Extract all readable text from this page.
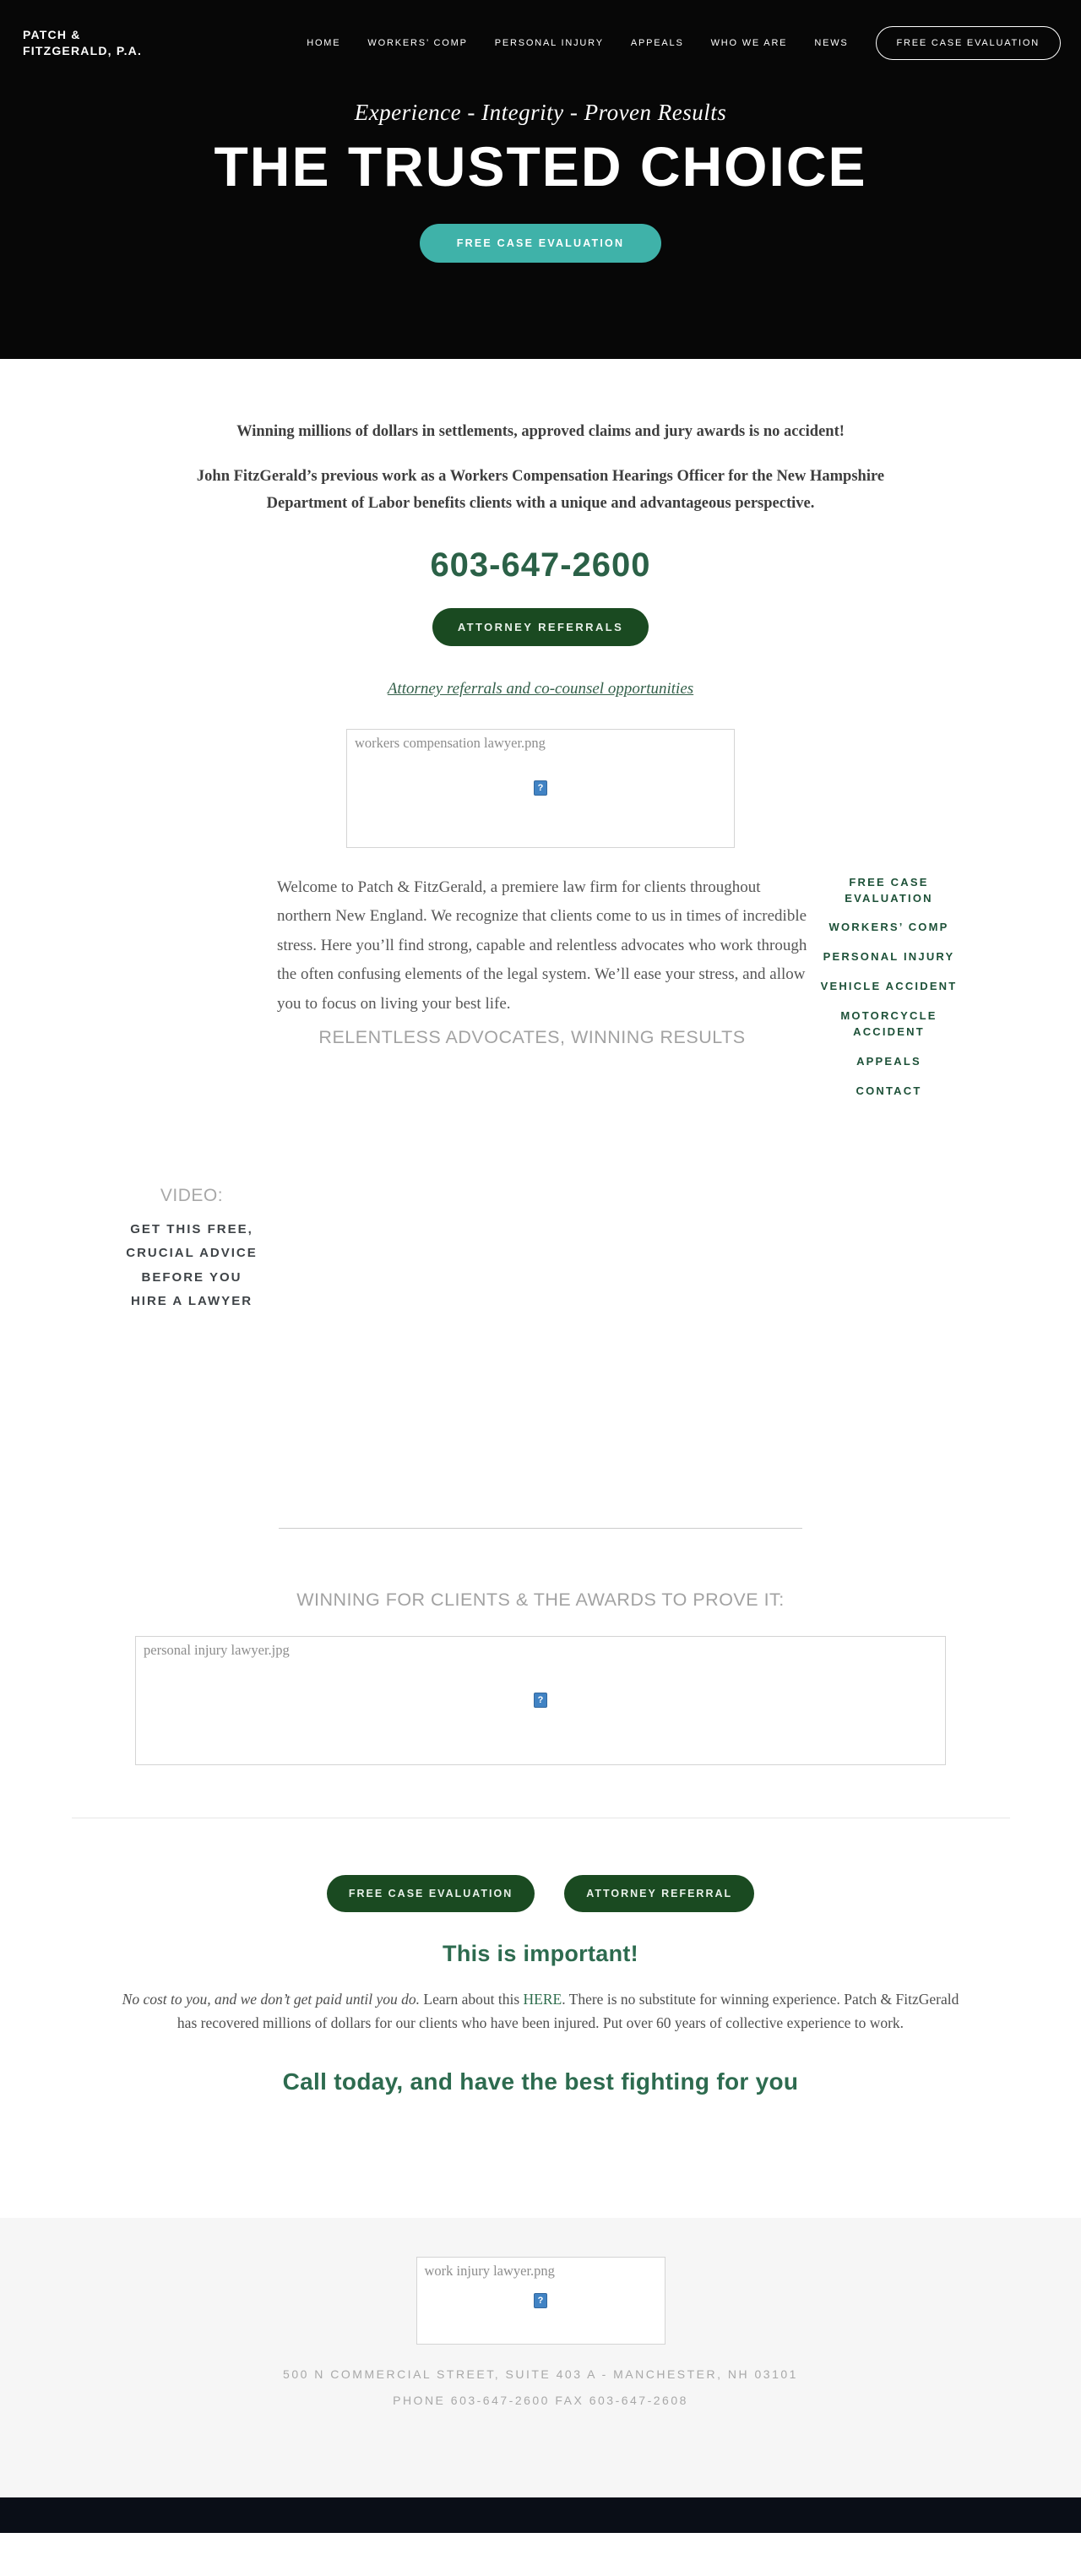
PATCH &
FITZGERALD, P.A.
HOME	WORKERS’ COMP	PERSONAL INJURY	APPEALS	WHO WE ARE	NEWS	FREE CASE EVALUATION
Experience - Integrity - Proven Results
THE TRUSTED CHOICE
FREE CASE EVALUATION

Winning millions of dollars in settlements, approved claims and jury awards is no accident!

John FitzGerald’s previous work as a Workers Compensation Hearings Officer for the New Hampshire Department of Labor benefits clients with a unique and advantageous perspective.

603-647-2600
ATTORNEY REFERRALS
Attorney referrals and co-counsel opportunities
workers compensation lawyer.png
?

Welcome to Patch & FitzGerald, a premiere law firm for clients throughout northern New England. We recognize that clients come to us in times of incredible stress. Here you’ll find strong, capable and relentless advocates who work through the often confusing elements of the legal system. We’ll ease your stress, and allow you to focus on living your best life.

RELENTLESS ADVOCATES, WINNING RESULTS
FREE CASE EVALUATION
WORKERS’ COMP
PERSONAL INJURY
VEHICLE ACCIDENT
MOTORCYCLE ACCIDENT
APPEALS
CONTACT
VIDEO:
GET THIS FREE, CRUCIAL ADVICE BEFORE YOU HIRE A LAWYER
WINNING FOR CLIENTS & THE AWARDS TO PROVE IT:
personal injury lawyer.jpg
?
FREE CASE EVALUATION	ATTORNEY REFERRAL
This is important!

No cost to you, and we don’t get paid until you do. Learn about this HERE. There is no substitute for winning experience. Patch & FitzGerald has recovered millions of dollars for our clients who have been injured. Put over 60 years of collective experience to work.

Call today, and have the best fighting for you
work injury lawyer.png
?
500 N COMMERCIAL STREET, SUITE 403 A - MANCHESTER, NH 03101
PHONE 603-647-2600 FAX 603-647-2608
